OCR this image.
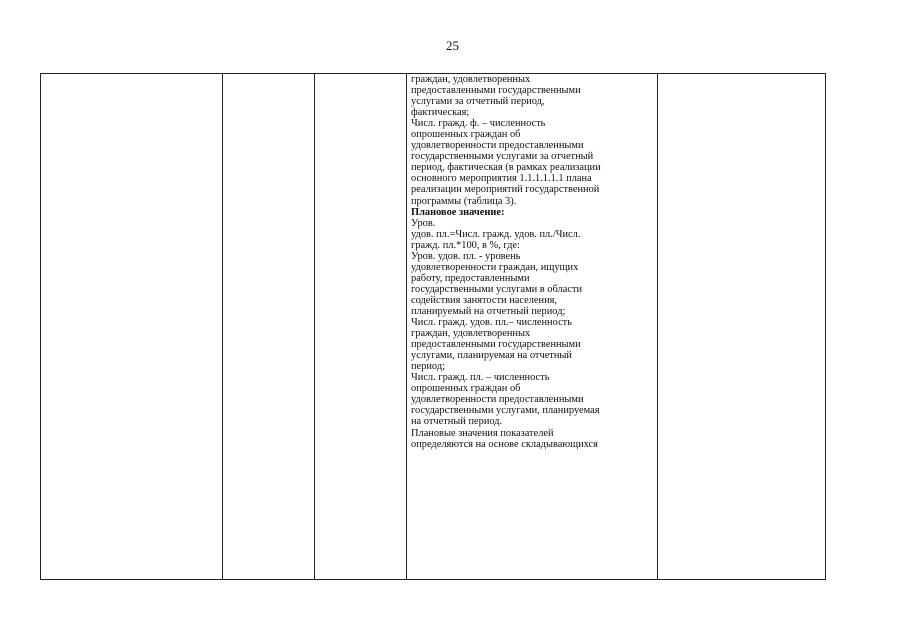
25

граждан, удовлетворенных
предоставленными государственными
услугами за отчетный период,
фактическая;
Числ. гражд. ф. – численность
опрошенных граждан об
удовлетворенности предоставленными
государственными услугами за отчетный
период, фактическая (в рамках реализации
основного мероприятия 1.1.1.1.1.1 плана
реализации мероприятий государственной
программы (таблица 3).
Плановое значение:
Уров.
удов. пл.=Числ. гражд. удов. пл./Числ.
гражд. пл.*100, в %, где:
Уров. удов. пл. - уровень
удовлетворенности граждан, ищущих
работу, предоставленными
государственными услугами в области
содействия занятости населения,
планируемый на отчетный период;
Числ. гражд. удов. пл.– численность
граждан, удовлетворенных
предоставленными государственными
услугами, планируемая на отчетный
период;
Числ. гражд. пл. – численность
опрошенных граждан об
удовлетворенности предоставленными
государственными услугами, планируемая
на отчетный период.
Плановые значения показателей
определяются на основе складывающихся
